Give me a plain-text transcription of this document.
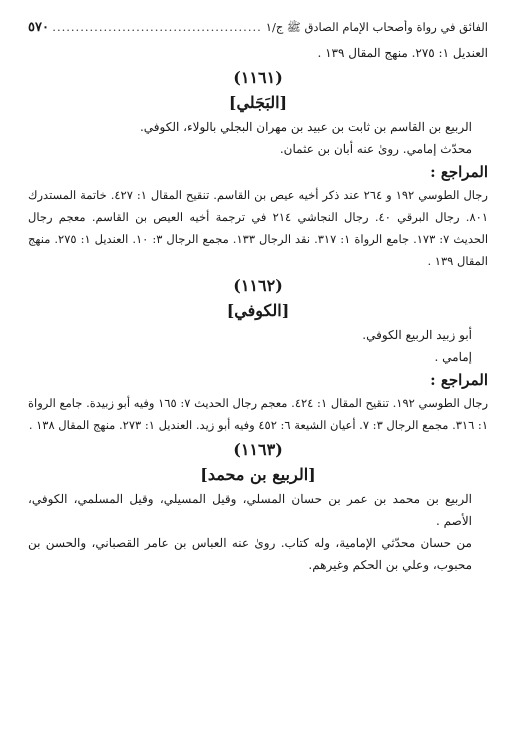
الفائق في رواة وأصحاب الإمام الصادق ﷺ ج/١
.....
٥٧٠

العنديل ١: ٢٧٥. منهج المقال ١٣٩ .

(١١٦١)

[البَجَلي]

الربيع بن القاسم بن ثابت بن عبيد بن مهران البجلي بالولاء، الكوفي.

محدّث إمامي. روىٰ عنه أبان بن عثمان.

المراجع :

رجال الطوسي ١٩٢ و ٢٦٤ عند ذكر أخيه عيص بن القاسم. تنقيح المقال ١: ٤٢٧. خاتمة المستدرك ٨٠١. رجال البرقي ٤٠. رجال النجاشي ٢١٤ في ترجمة أخيه العيص بن القاسم. معجم رجال الحديث ٧: ١٧٣. جامع الرواة ١: ٣١٧. نقد الرجال ١٣٣. مجمع الرجال ٣: ١٠. العنديل ١: ٢٧٥. منهج المقال ١٣٩ .

(١١٦٢)

[الكوفي]

أبو زبيد الربيع الكوفي.

إمامي .

المراجع :

رجال الطوسي ١٩٢. تنقيح المقال ١: ٤٢٤. معجم رجال الحديث ٧: ١٦٥ وفيه أبو زبيدة. جامع الرواة ١: ٣١٦. مجمع الرجال ٣: ٧. أعيان الشيعة ٦: ٤٥٢ وفيه أبو زيد. العنديل ١: ٢٧٣. منهج المقال ١٣٨ .

(١١٦٣)

[الربيع بن محمد]

الربيع بن محمد بن عمر بن حسان المسلي، وقيل المسيلي، وقيل المسلمي، الكوفي، الأصم .

من حسان محدّثي الإمامية، وله كتاب. روىٰ عنه العباس بن عامر القصباني، والحسن بن محبوب، وعلي بن الحكم وغيرهم.
